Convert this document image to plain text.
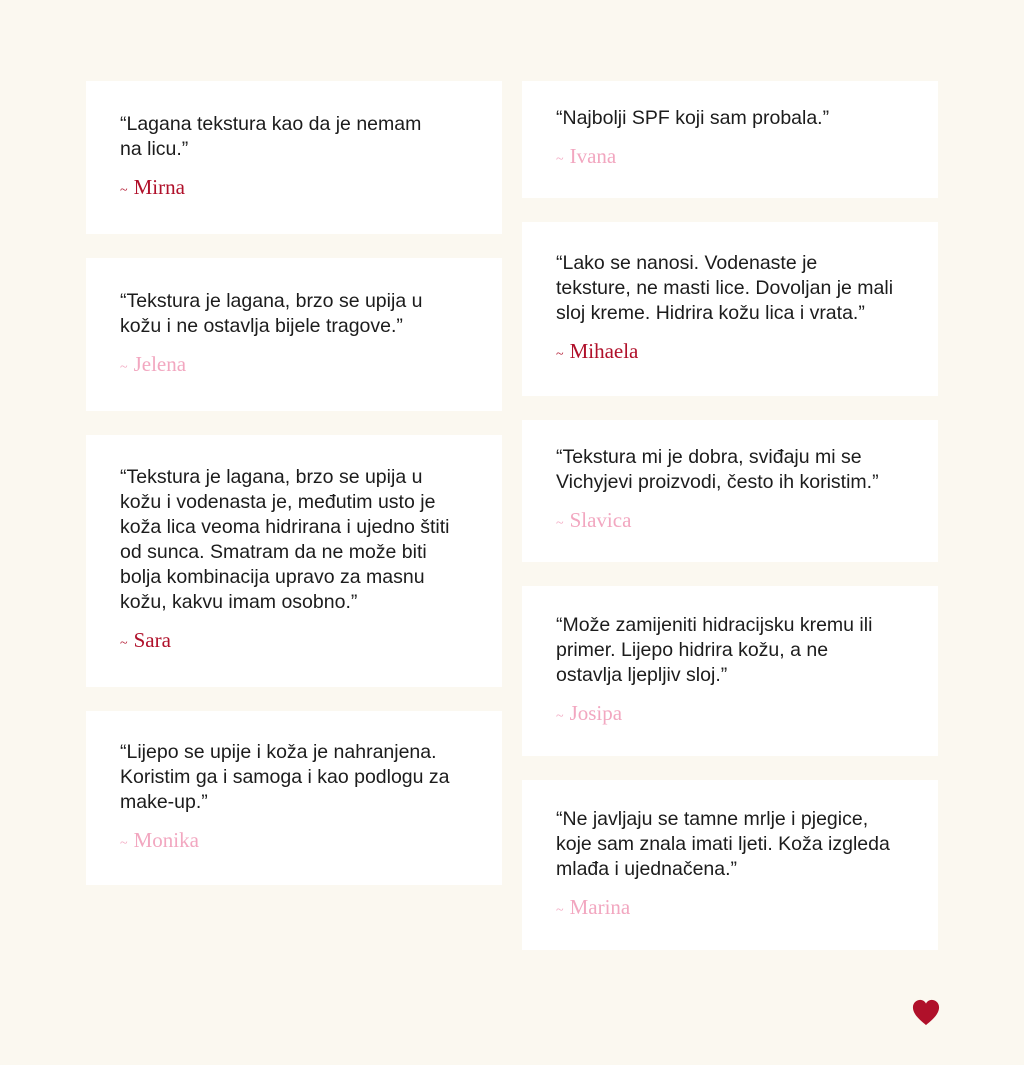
“Lagana tekstura kao da je nemam
na licu.”

~ Mirna

“Tekstura je lagana, brzo se upija u
kožu i ne ostavlja bijele tragove.”

~ Jelena

“Tekstura je lagana, brzo se upija u
kožu i vodenasta je, međutim usto je
koža lica veoma hidrirana i ujedno štiti
od sunca. Smatram da ne može biti
bolja kombinacija upravo za masnu
kožu, kakvu imam osobno.”

~ Sara

“Lijepo se upije i koža je nahranjena.
Koristim ga i samoga i kao podlogu za
make-up.”

~ Monika

“Najbolji SPF koji sam probala.”

~ Ivana

“Lako se nanosi. Vodenaste je
teksture, ne masti lice. Dovoljan je mali
sloj kreme. Hidrira kožu lica i vrata.”

~ Mihaela

“Tekstura mi je dobra, sviđaju mi se
Vichyjevi proizvodi, često ih koristim.”

~ Slavica

“Može zamijeniti hidracijsku kremu ili
primer. Lijepo hidrira kožu, a ne
ostavlja ljepljiv sloj.”

~ Josipa

“Ne javljaju se tamne mrlje i pjegice,
koje sam znala imati ljeti. Koža izgleda
mlađa i ujednačena.”

~ Marina
